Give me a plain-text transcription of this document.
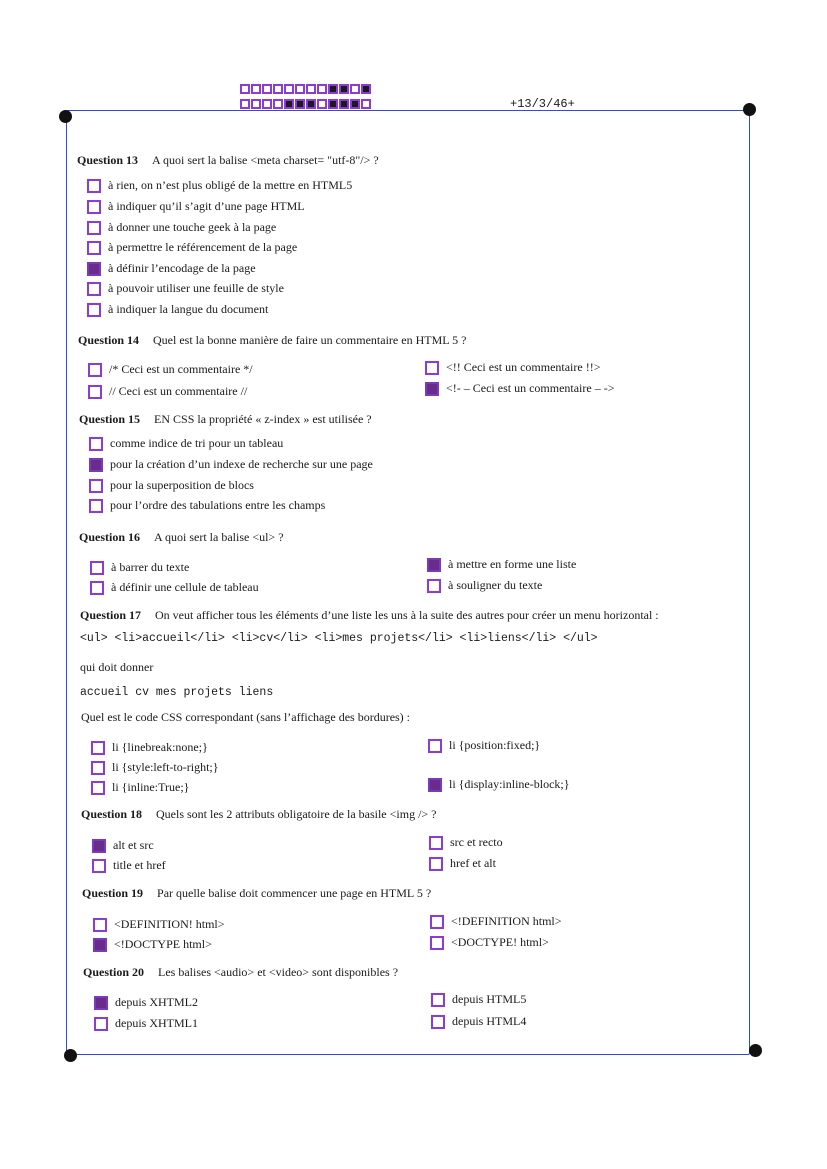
+13/3/46+
Question 13 A quoi sert la balise <meta charset= "utf-8"/> ?
à rien, on n’est plus obligé de la mettre en HTML5
à indiquer qu’il s’agit d’une page HTML
à donner une touche geek à la page
à permettre le référencement de la page
à définir l’encodage de la page
à pouvoir utiliser une feuille de style
à indiquer la langue du document
Question 14 Quel est la bonne manière de faire un commentaire en HTML 5 ?
/* Ceci est un commentaire */
// Ceci est un commentaire //
<!! Ceci est un commentaire !!>
<!- – Ceci est un commentaire – ->
Question 15 EN CSS la propriété « z-index » est utilisée ?
comme indice de tri pour un tableau
pour la création d’un indexe de recherche sur une page
pour la superposition de blocs
pour l’ordre des tabulations entre les champs
Question 16 A quoi sert la balise <ul> ?
à barrer du texte
à définir une cellule de tableau
à mettre en forme une liste
à souligner du texte
Question 17 On veut afficher tous les éléments d’une liste les uns à la suite des autres pour créer un menu horizontal :
<ul> <li>accueil</li> <li>cv</li> <li>mes projets</li> <li>liens</li> </ul>
qui doit donner
accueil cv mes projets liens
Quel est le code CSS correspondant (sans l’affichage des bordures) :
li {linebreak:none;}
li {style:left-to-right;}
li {inline:True;}
li {position:fixed;}
li {display:inline-block;}
Question 18 Quels sont les 2 attributs obligatoire de la basile <img /> ?
alt et src
title et href
src et recto
href et alt
Question 19 Par quelle balise doit commencer une page en HTML 5 ?
<DEFINITION! html>
<!DOCTYPE html>
<!DEFINITION html>
<DOCTYPE! html>
Question 20 Les balises <audio> et <video> sont disponibles ?
depuis XHTML2
depuis XHTML1
depuis HTML5
depuis HTML4
